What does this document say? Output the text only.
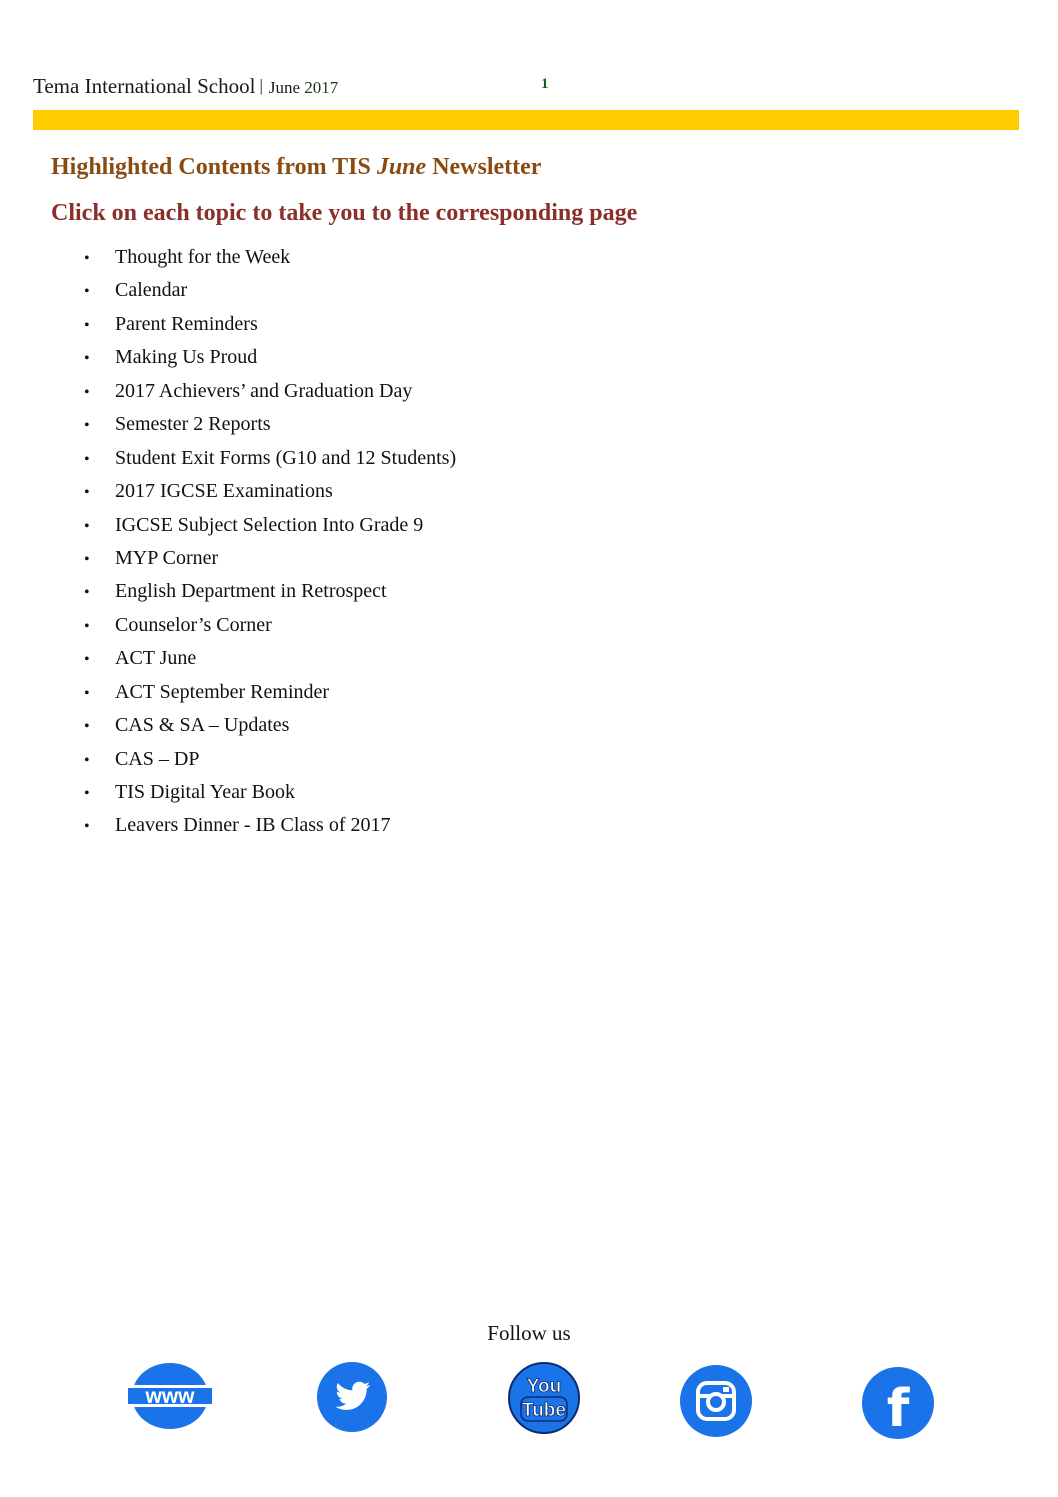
Tema International School | June 2017	1
Highlighted Contents from TIS June Newsletter
Click on each topic to take you to the corresponding page
• Thought for the Week
• Calendar
• Parent Reminders
• Making Us Proud
• 2017 Achievers’ and Graduation Day
• Semester 2 Reports
• Student Exit Forms (G10 and 12 Students)
• 2017 IGCSE Examinations
• IGCSE Subject Selection Into Grade 9
• MYP Corner
• English Department in Retrospect
• Counselor’s Corner
• ACT June
• ACT September Reminder
• CAS & SA – Updates
• CAS – DP
• TIS Digital Year Book
• Leavers Dinner - IB Class of 2017
Follow us
www	You
Tube	f
